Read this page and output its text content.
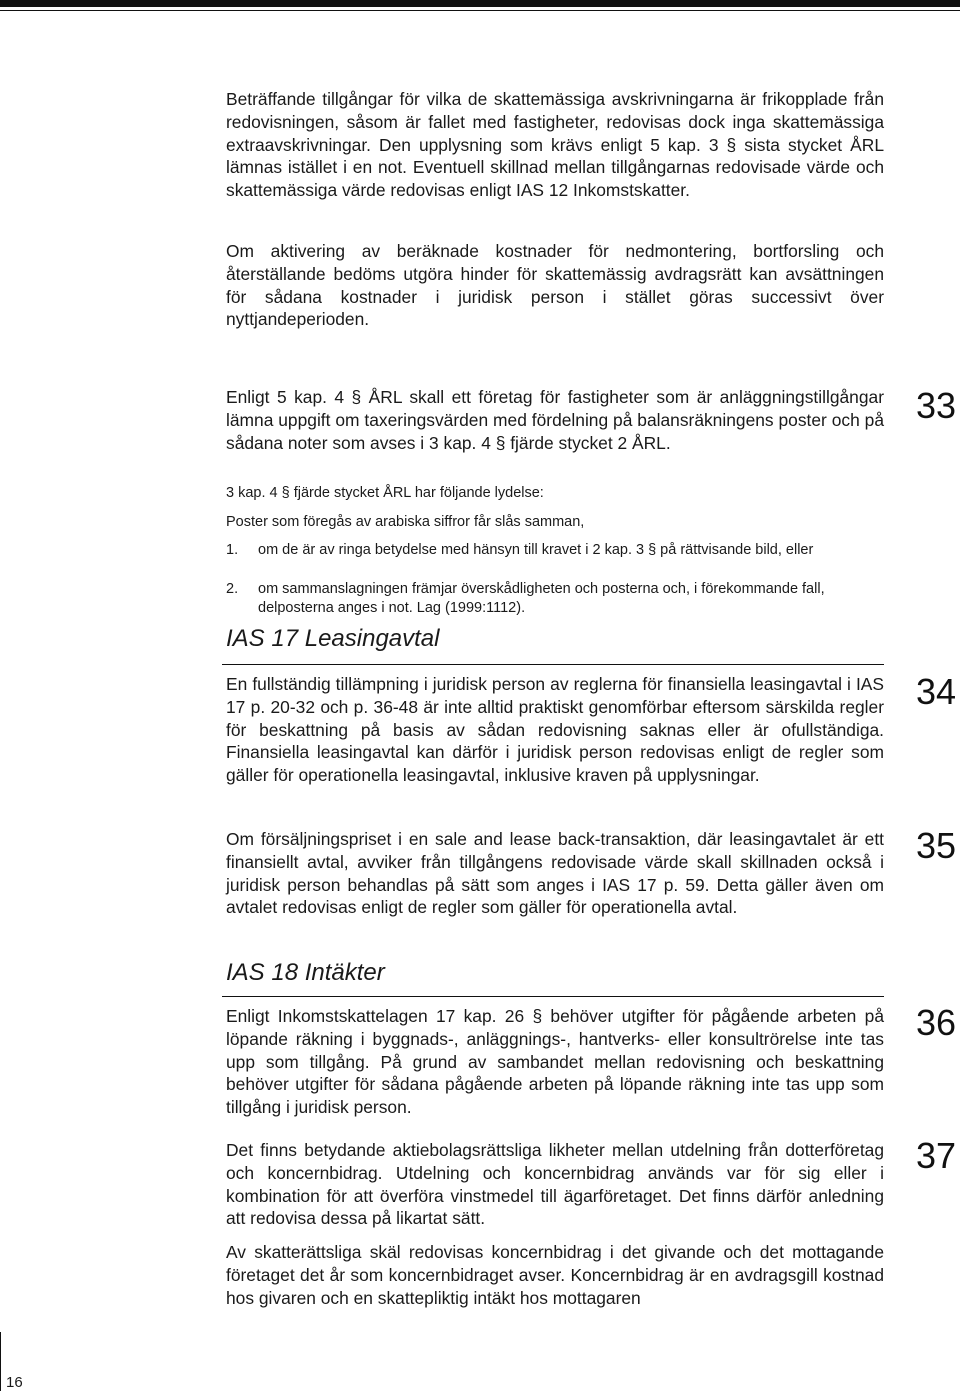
Beträffande tillgångar för vilka de skattemässiga avskrivningarna är frikopplade från redovisningen, såsom är fallet med fastigheter, redovisas dock inga skattemässiga extraavskrivningar. Den upplysning som krävs enligt 5 kap. 3 § sista stycket ÅRL lämnas istället i en not. Eventuell skillnad mellan tillgångarnas redovisade värde och skattemässiga värde redovisas enligt IAS 12 Inkomstskatter.

Om aktivering av beräknade kostnader för nedmontering, bortforsling och återställande bedöms utgöra hinder för skattemässig avdragsrätt kan avsättningen för sådana kostnader i juridisk person i stället göras successivt över nyttjandeperioden.

Enligt 5 kap. 4 § ÅRL skall ett företag för fastigheter som är anläggningstillgångar lämna uppgift om taxeringsvärden med fördelning på balansräkningens poster och på sådana noter som avses i 3 kap. 4 § fjärde stycket 2 ÅRL.

33

3 kap. 4 § fjärde stycket ÅRL har följande lydelse:

Poster som föregås av arabiska siffror får slås samman,

1.	om de är av ringa betydelse med hänsyn till kravet i 2 kap. 3 § på rättvisande bild, eller
2.	om sammanslagningen främjar överskådligheten och posterna och, i förekommande fall, delposterna anges i not. Lag (1999:1112).
IAS 17 Leasingavtal

En fullständig tillämpning i juridisk person av reglerna för finansiella leasingavtal i IAS 17 p. 20-32 och p. 36-48 är inte alltid praktiskt genomförbar eftersom särskilda regler för beskattning på basis av sådan redovisning saknas eller är ofullständiga. Finansiella leasingavtal kan därför i juridisk person redovisas enligt de regler som gäller för operationella leasingavtal, inklusive kraven på upplysningar.

34

Om försäljningspriset i en sale and lease back-transaktion, där leasingavtalet är ett finansiellt avtal, avviker från tillgångens redovisade värde skall skillnaden också i juridisk person behandlas på sätt som anges i IAS 17 p. 59. Detta gäller även om avtalet redovisas enligt de regler som gäller för operationella avtal.

35
IAS 18 Intäkter

Enligt Inkomstskattelagen 17 kap. 26 § behöver utgifter för pågående arbeten på löpande räkning i byggnads-, anläggnings-, hantverks- eller konsultrörelse inte tas upp som tillgång. På grund av sambandet mellan redovisning och beskattning behöver utgifter för sådana pågående arbeten på löpande räkning inte tas upp som tillgång i juridisk person.

36

Det finns betydande aktiebolagsrättsliga likheter mellan utdelning från dotterföretag och koncernbidrag. Utdelning och koncernbidrag används var för sig eller i kombination för att överföra vinstmedel till ägarföretaget. Det finns därför anledning att redovisa dessa på likartat sätt.

37

Av skatterättsliga skäl redovisas koncernbidrag i det givande och det mottagande företaget det år som koncernbidraget avser. Koncernbidrag är en avdragsgill kostnad hos givaren och en skattepliktig intäkt hos mottagaren

16
